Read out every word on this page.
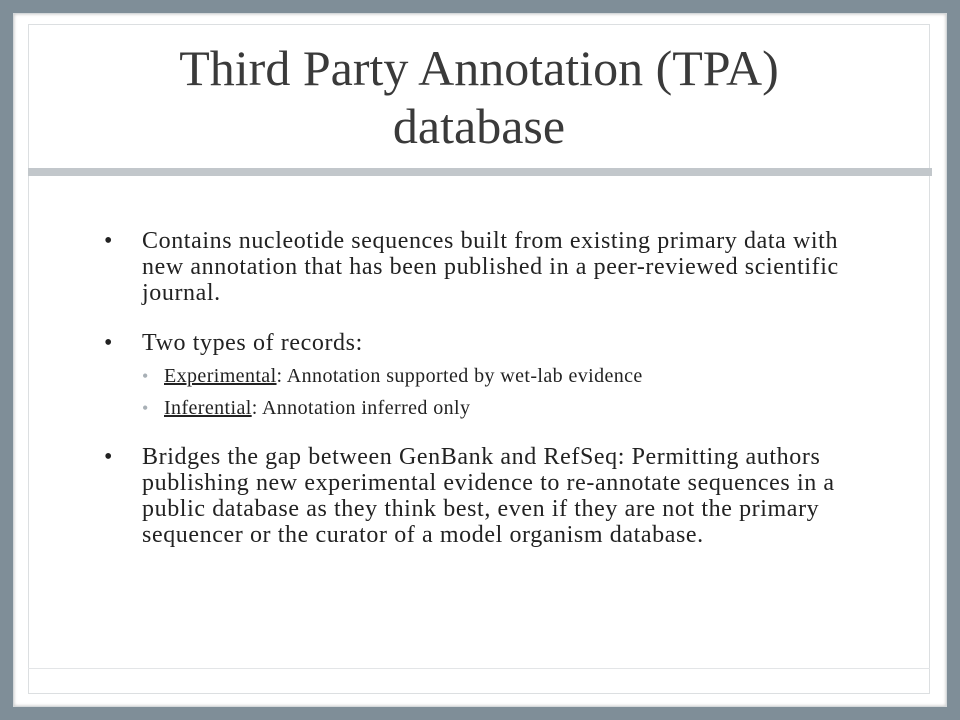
Third Party Annotation (TPA)
database
• Contains nucleotide sequences built from existing primary data with new annotation that has been published in a peer-reviewed scientific journal.
• Two types of records:
• Experimental: Annotation supported by wet-lab evidence
• Inferential: Annotation inferred only
• Bridges the gap between GenBank and RefSeq: Permitting authors publishing new experimental evidence to re-annotate sequences in a public database as they think best, even if they are not the primary sequencer or the curator of a model organism database.
